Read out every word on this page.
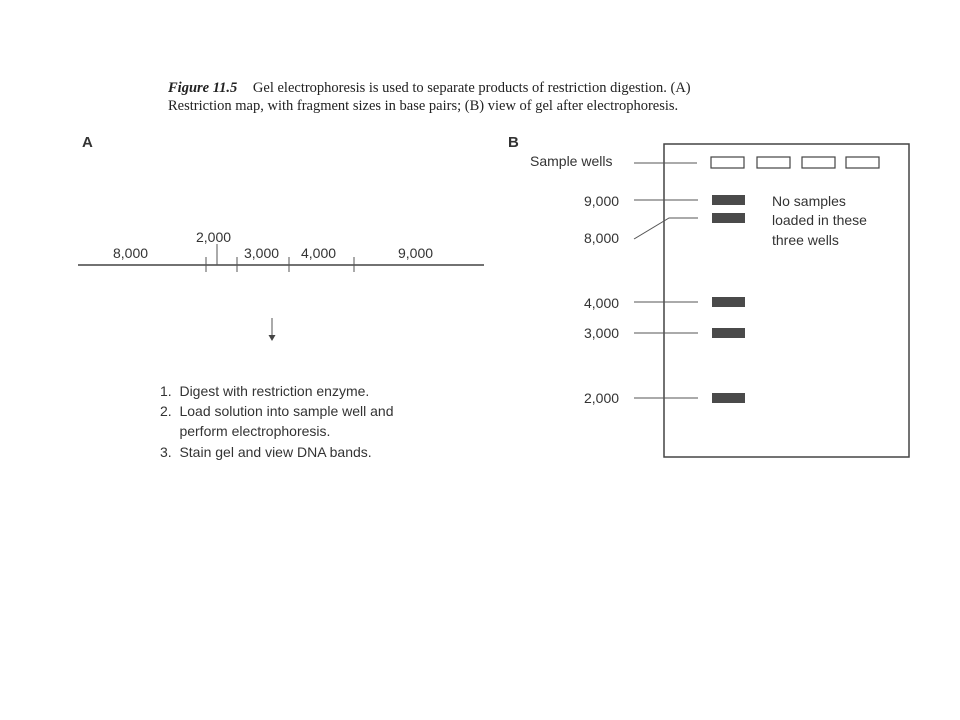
Figure 11.5 Gel electrophoresis is used to separate products of restriction digestion. (A)
Restriction map, with fragment sizes in base pairs; (B) view of gel after electrophoresis.
A
8,000
2,000
3,000 4,000	9,000
1.  Digest with restriction enzyme.
2.  Load solution into sample well and
perform electrophoresis.
3.  Stain gel and view DNA bands.
B
Sample wells
9,000
8,000
4,000
3,000
2,000
No samples
loaded in these
three wells
